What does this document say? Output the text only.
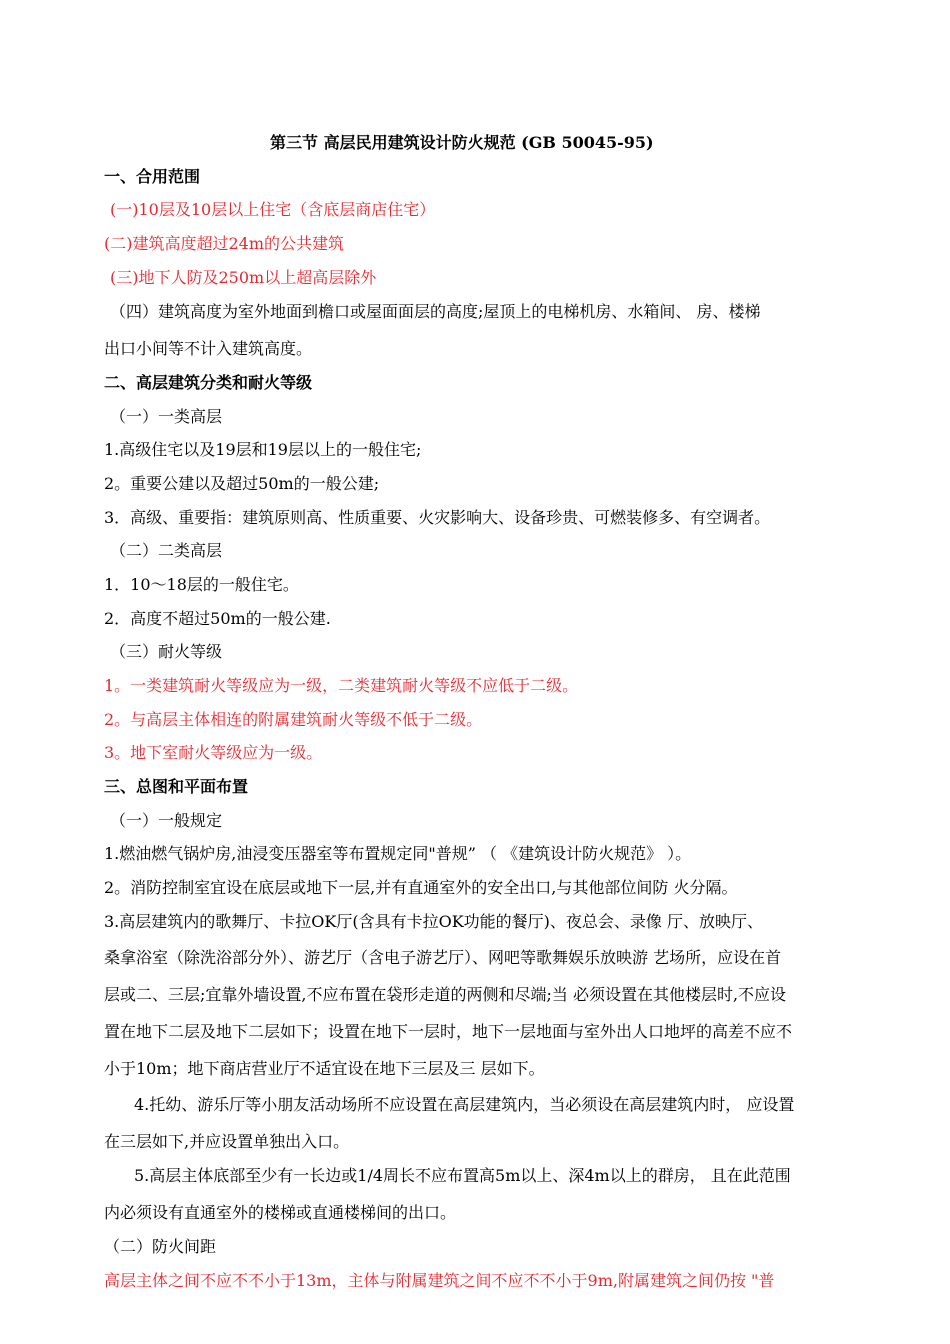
第三节 高层民用建筑设计防火规范 (GB 50045-95)
一、合用范围
(一)10层及10层以上住宅（含底层商店住宅）
(二)建筑高度超过24m的公共建筑
(三)地下人防及250m以上超高层除外
（四）建筑高度为室外地面到檐口或屋面面层的高度;屋顶上的电梯机房、水箱间、 房、楼梯
出口小间等不计入建筑高度。
二、高层建筑分类和耐火等级
（一）一类高层
1.高级住宅以及19层和19层以上的一般住宅;
2。重要公建以及超过50m的一般公建;
3．高级、重要指：建筑原则高、性质重要、火灾影响大、设备珍贵、可燃装修多、有空调者。
（二）二类高层
1．10～18层的一般住宅。
2．高度不超过50m的一般公建.
（三）耐火等级
1。一类建筑耐火等级应为一级，二类建筑耐火等级不应低于二级。
2。与高层主体相连的附属建筑耐火等级不低于二级。
3。地下室耐火等级应为一级。
三、总图和平面布置
（一）一般规定
1.燃油燃气锅炉房,油浸变压器室等布置规定同"普规” （ 《建筑设计防火规范》 ）。
2。消防控制室宜设在底层或地下一层,并有直通室外的安全出口,与其他部位间防 火分隔。
3.高层建筑内的歌舞厅、卡拉OK厅(含具有卡拉OK功能的餐厅)、夜总会、录像 厅、放映厅、
桑拿浴室（除洗浴部分外）、游艺厅（含电子游艺厅）、网吧等歌舞娱乐放映游 艺场所，应设在首
层或二、三层;宜靠外墙设置,不应布置在袋形走道的两侧和尽端;当 必须设置在其他楼层时,不应设
置在地下二层及地下二层如下；设置在地下一层时，地下一层地面与室外出人口地坪的高差不应不
小于10m；地下商店营业厅不适宜设在地下三层及三 层如下。
4.托幼、游乐厅等小朋友活动场所不应设置在高层建筑内，当必须设在高层建筑内时， 应设置
在三层如下,并应设置单独出入口。
5.高层主体底部至少有一长边或1/4周长不应布置高5m以上、深4m以上的群房， 且在此范围
内必须设有直通室外的楼梯或直通楼梯间的出口。
（二）防火间距
高层主体之间不应不不小于13m，主体与附属建筑之间不应不不小于9m,附属建筑之间仍按 "普
